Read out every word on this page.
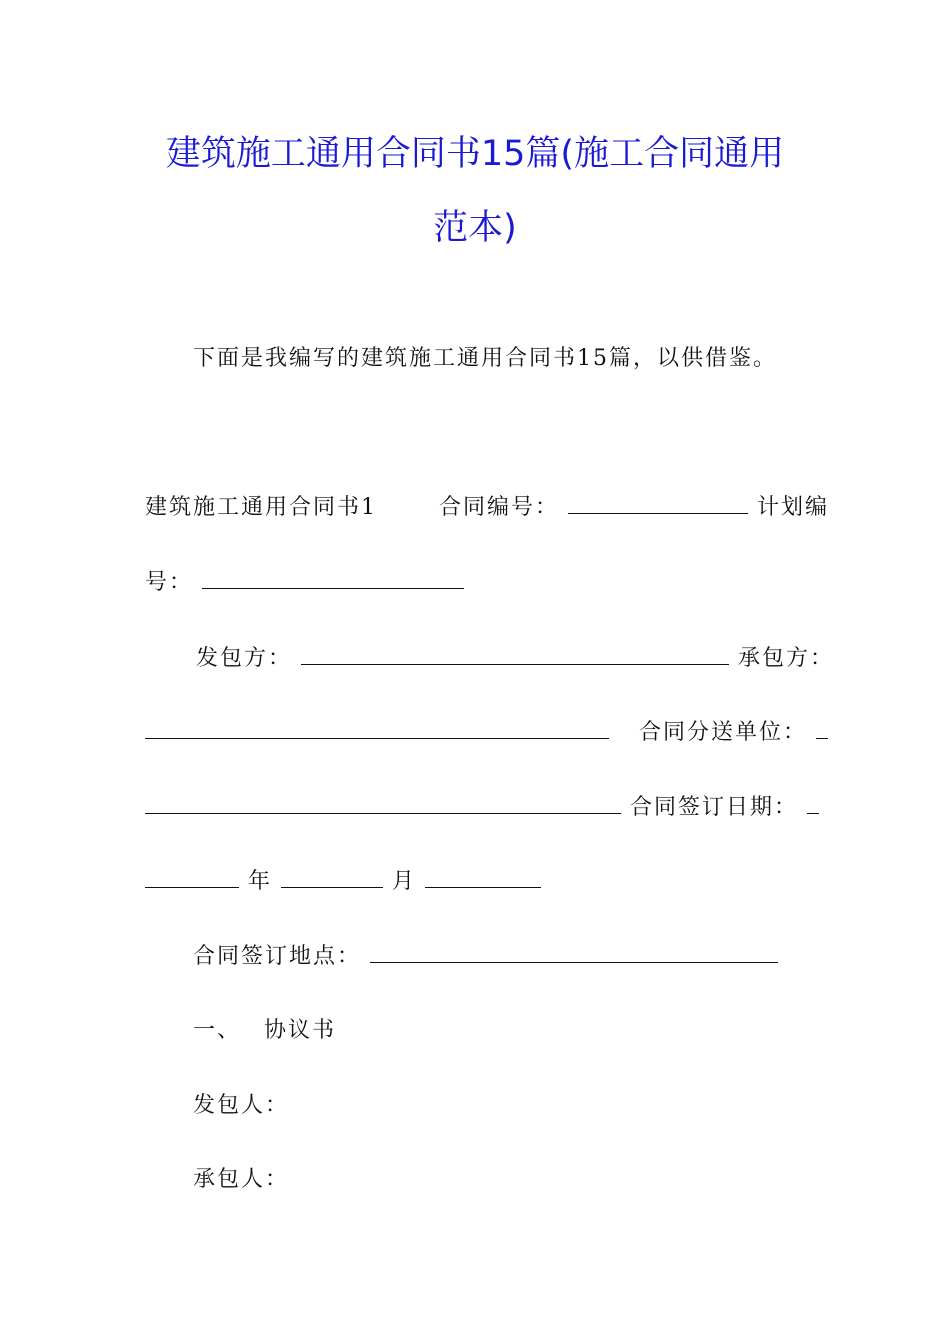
建筑施工通用合同书15篇(施工合同通用
范本)
下面是我编写的建筑施工通用合同书15篇，以供借鉴。
建筑施工通用合同书1	合同编号：	计划编
号：
发包方：	承包方：
合同分送单位：
合同签订日期：
年	月
合同签订地点：
一、 协议书
发包人：
承包人：
